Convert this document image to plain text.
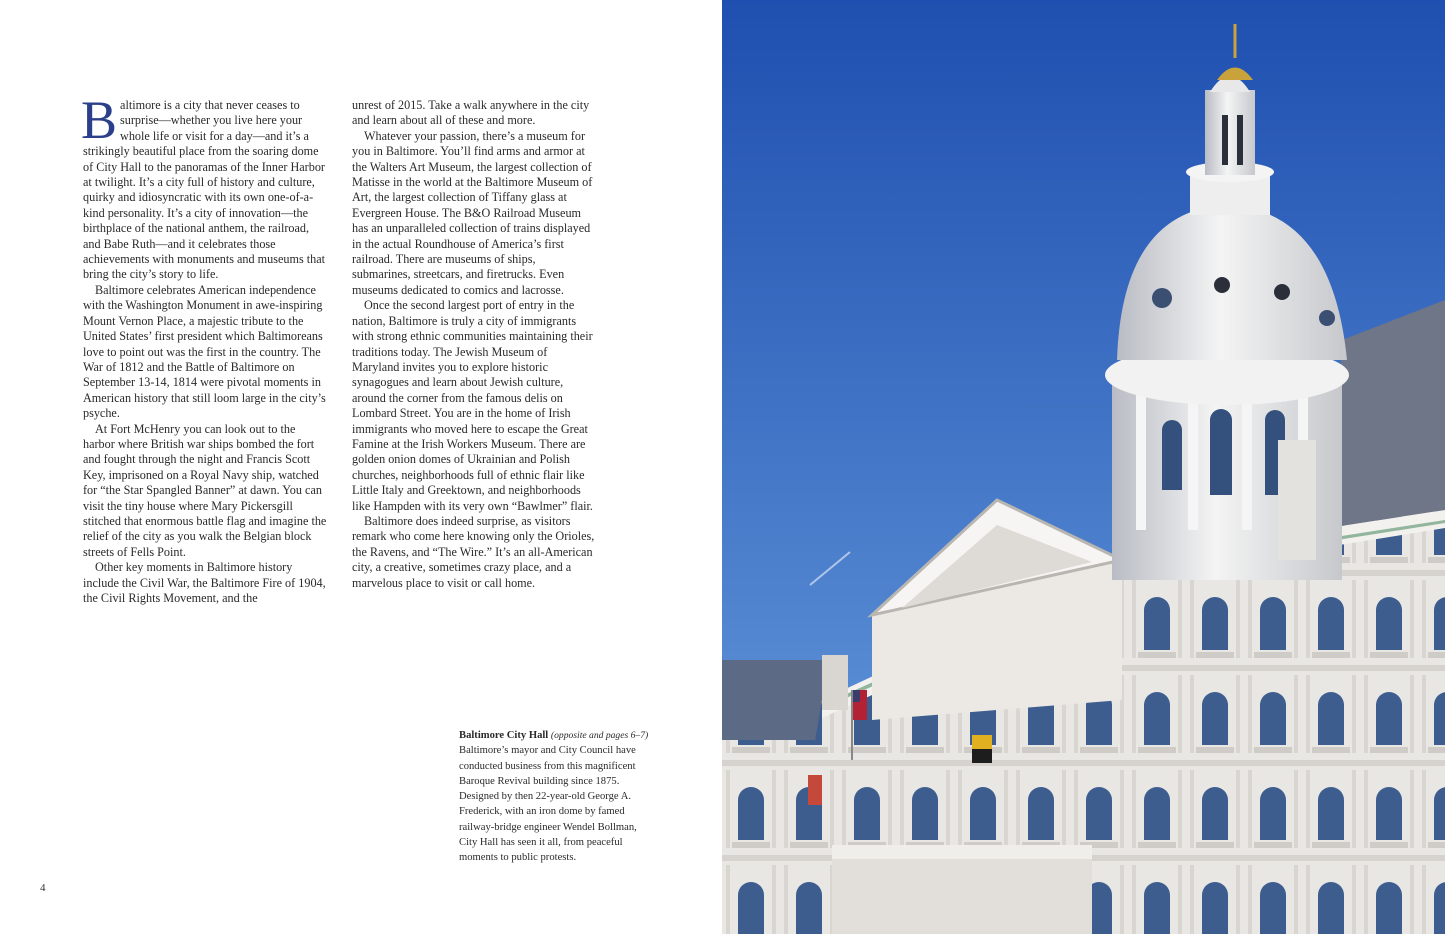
Baltimore is a city that never ceases to surprise—whether you live here your whole life or visit for a day—and it’s a strikingly beautiful place from the soaring dome of City Hall to the panoramas of the Inner Harbor at twilight. It’s a city full of history and culture, quirky and idiosyncratic with its own one-of-a-kind personality. It’s a city of innovation—the birthplace of the national anthem, the railroad, and Babe Ruth—and it celebrates those achievements with monuments and museums that bring the city’s story to life.

Baltimore celebrates American independence with the Washington Monument in awe-inspiring Mount Vernon Place, a majestic tribute to the United States’ first president which Baltimoreans love to point out was the first in the country. The War of 1812 and the Battle of Baltimore on September 13-14, 1814 were pivotal moments in American history that still loom large in the city’s psyche.

At Fort McHenry you can look out to the harbor where British war ships bombed the fort and fought through the night and Francis Scott Key, imprisoned on a Royal Navy ship, watched for “the Star Spangled Banner” at dawn. You can visit the tiny house where Mary Pickersgill stitched that enormous battle flag and imagine the relief of the city as you walk the Belgian block streets of Fells Point.

Other key moments in Baltimore history include the Civil War, the Baltimore Fire of 1904, the Civil Rights Movement, and the

unrest of 2015. Take a walk anywhere in the city and learn about all of these and more.

Whatever your passion, there’s a museum for you in Baltimore. You’ll find arms and armor at the Walters Art Museum, the largest collection of Matisse in the world at the Baltimore Museum of Art, the largest collection of Tiffany glass at Evergreen House. The B&O Railroad Museum has an unparalleled collection of trains displayed in the actual Roundhouse of America’s first railroad. There are museums of ships, submarines, streetcars, and firetrucks. Even museums dedicated to comics and lacrosse.

Once the second largest port of entry in the nation, Baltimore is truly a city of immigrants with strong ethnic communities maintaining their traditions today. The Jewish Museum of Maryland invites you to explore historic synagogues and learn about Jewish culture, around the corner from the famous delis on Lombard Street. You are in the home of Irish immigrants who moved here to escape the Great Famine at the Irish Workers Museum. There are golden onion domes of Ukrainian and Polish churches, neighborhoods full of ethnic flair like Little Italy and Greektown, and neighborhoods like Hampden with its very own “Bawlmer” flair.

Baltimore does indeed surprise, as visitors remark who come here knowing only the Orioles, the Ravens, and “The Wire.” It’s an all-American city, a creative, sometimes crazy place, and a marvelous place to visit or call home.

Baltimore City Hall (opposite and pages 6–7)
Baltimore’s mayor and City Council have conducted business from this magnificent Baroque Revival building since 1875. Designed by then 22-year-old George A. Frederick, with an iron dome by famed railway-bridge engineer Wendel Bollman, City Hall has seen it all, from peaceful moments to public protests.
4
